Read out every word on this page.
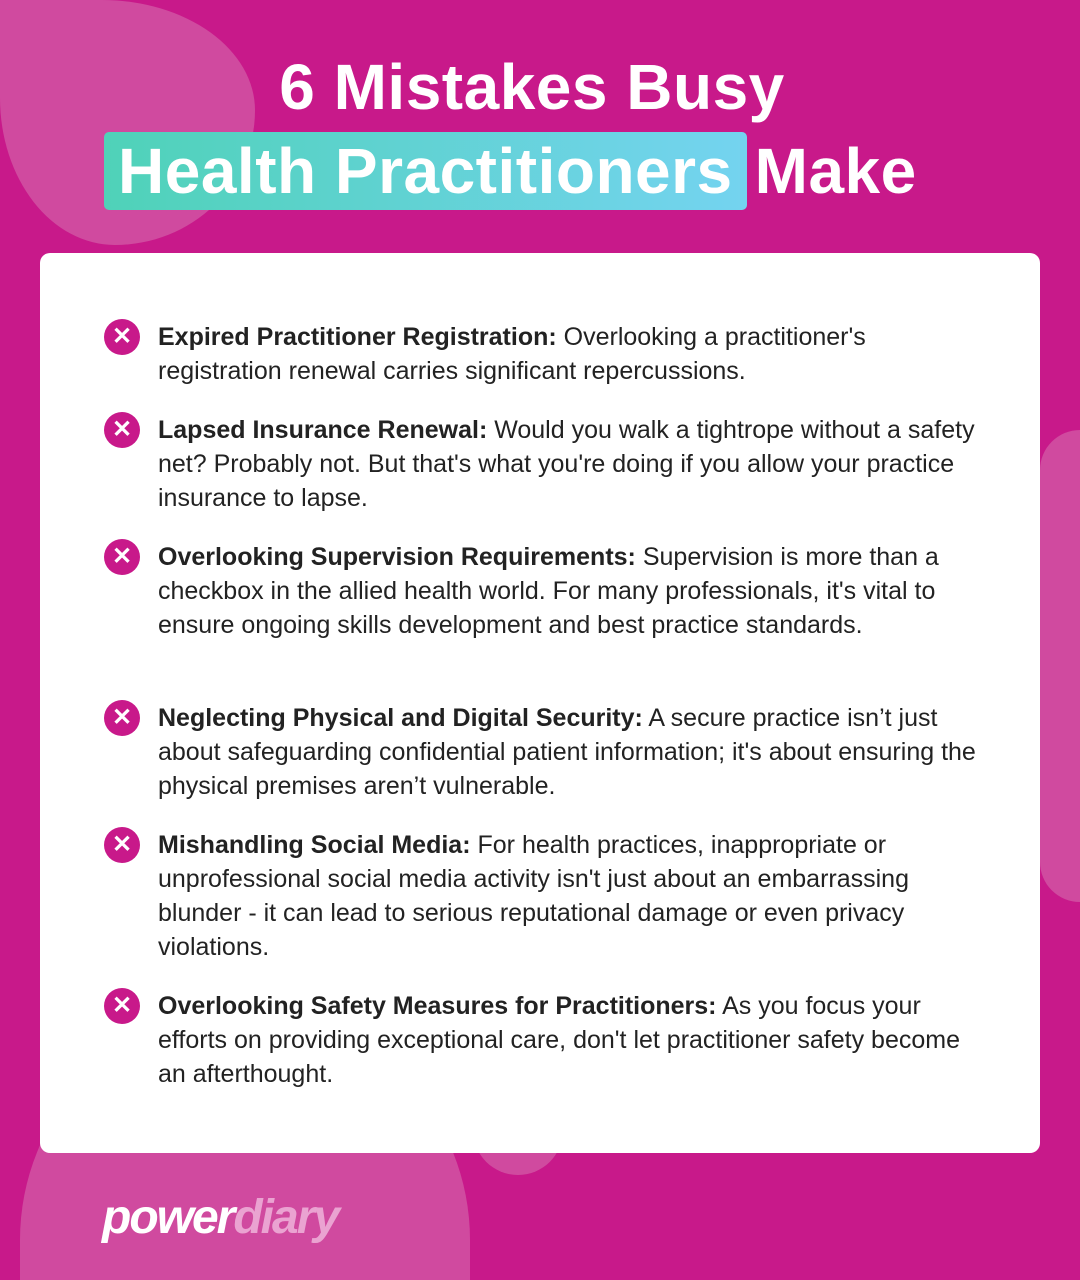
6 Mistakes Busy
Health Practitioners Make
✕	Expired Practitioner Registration: Overlooking a practitioner's registration renewal carries significant repercussions.
✕	Lapsed Insurance Renewal: Would you walk a tightrope without a safety net? Probably not. But that's what you're doing if you allow your practice insurance to lapse.
✕	Overlooking Supervision Requirements: Supervision is more than a checkbox in the allied health world. For many professionals, it's vital to ensure ongoing skills development and best practice standards.
✕	Neglecting Physical and Digital Security: A secure practice isn’t just about safeguarding confidential patient information; it's about ensuring the physical premises aren’t vulnerable.
✕	Mishandling Social Media: For health practices, inappropriate or unprofessional social media activity isn't just about an embarrassing blunder - it can lead to serious reputational damage or even privacy violations.
✕	Overlooking Safety Measures for Practitioners: As you focus your efforts on providing exceptional care, don't let practitioner safety become an afterthought.
powerdiary
